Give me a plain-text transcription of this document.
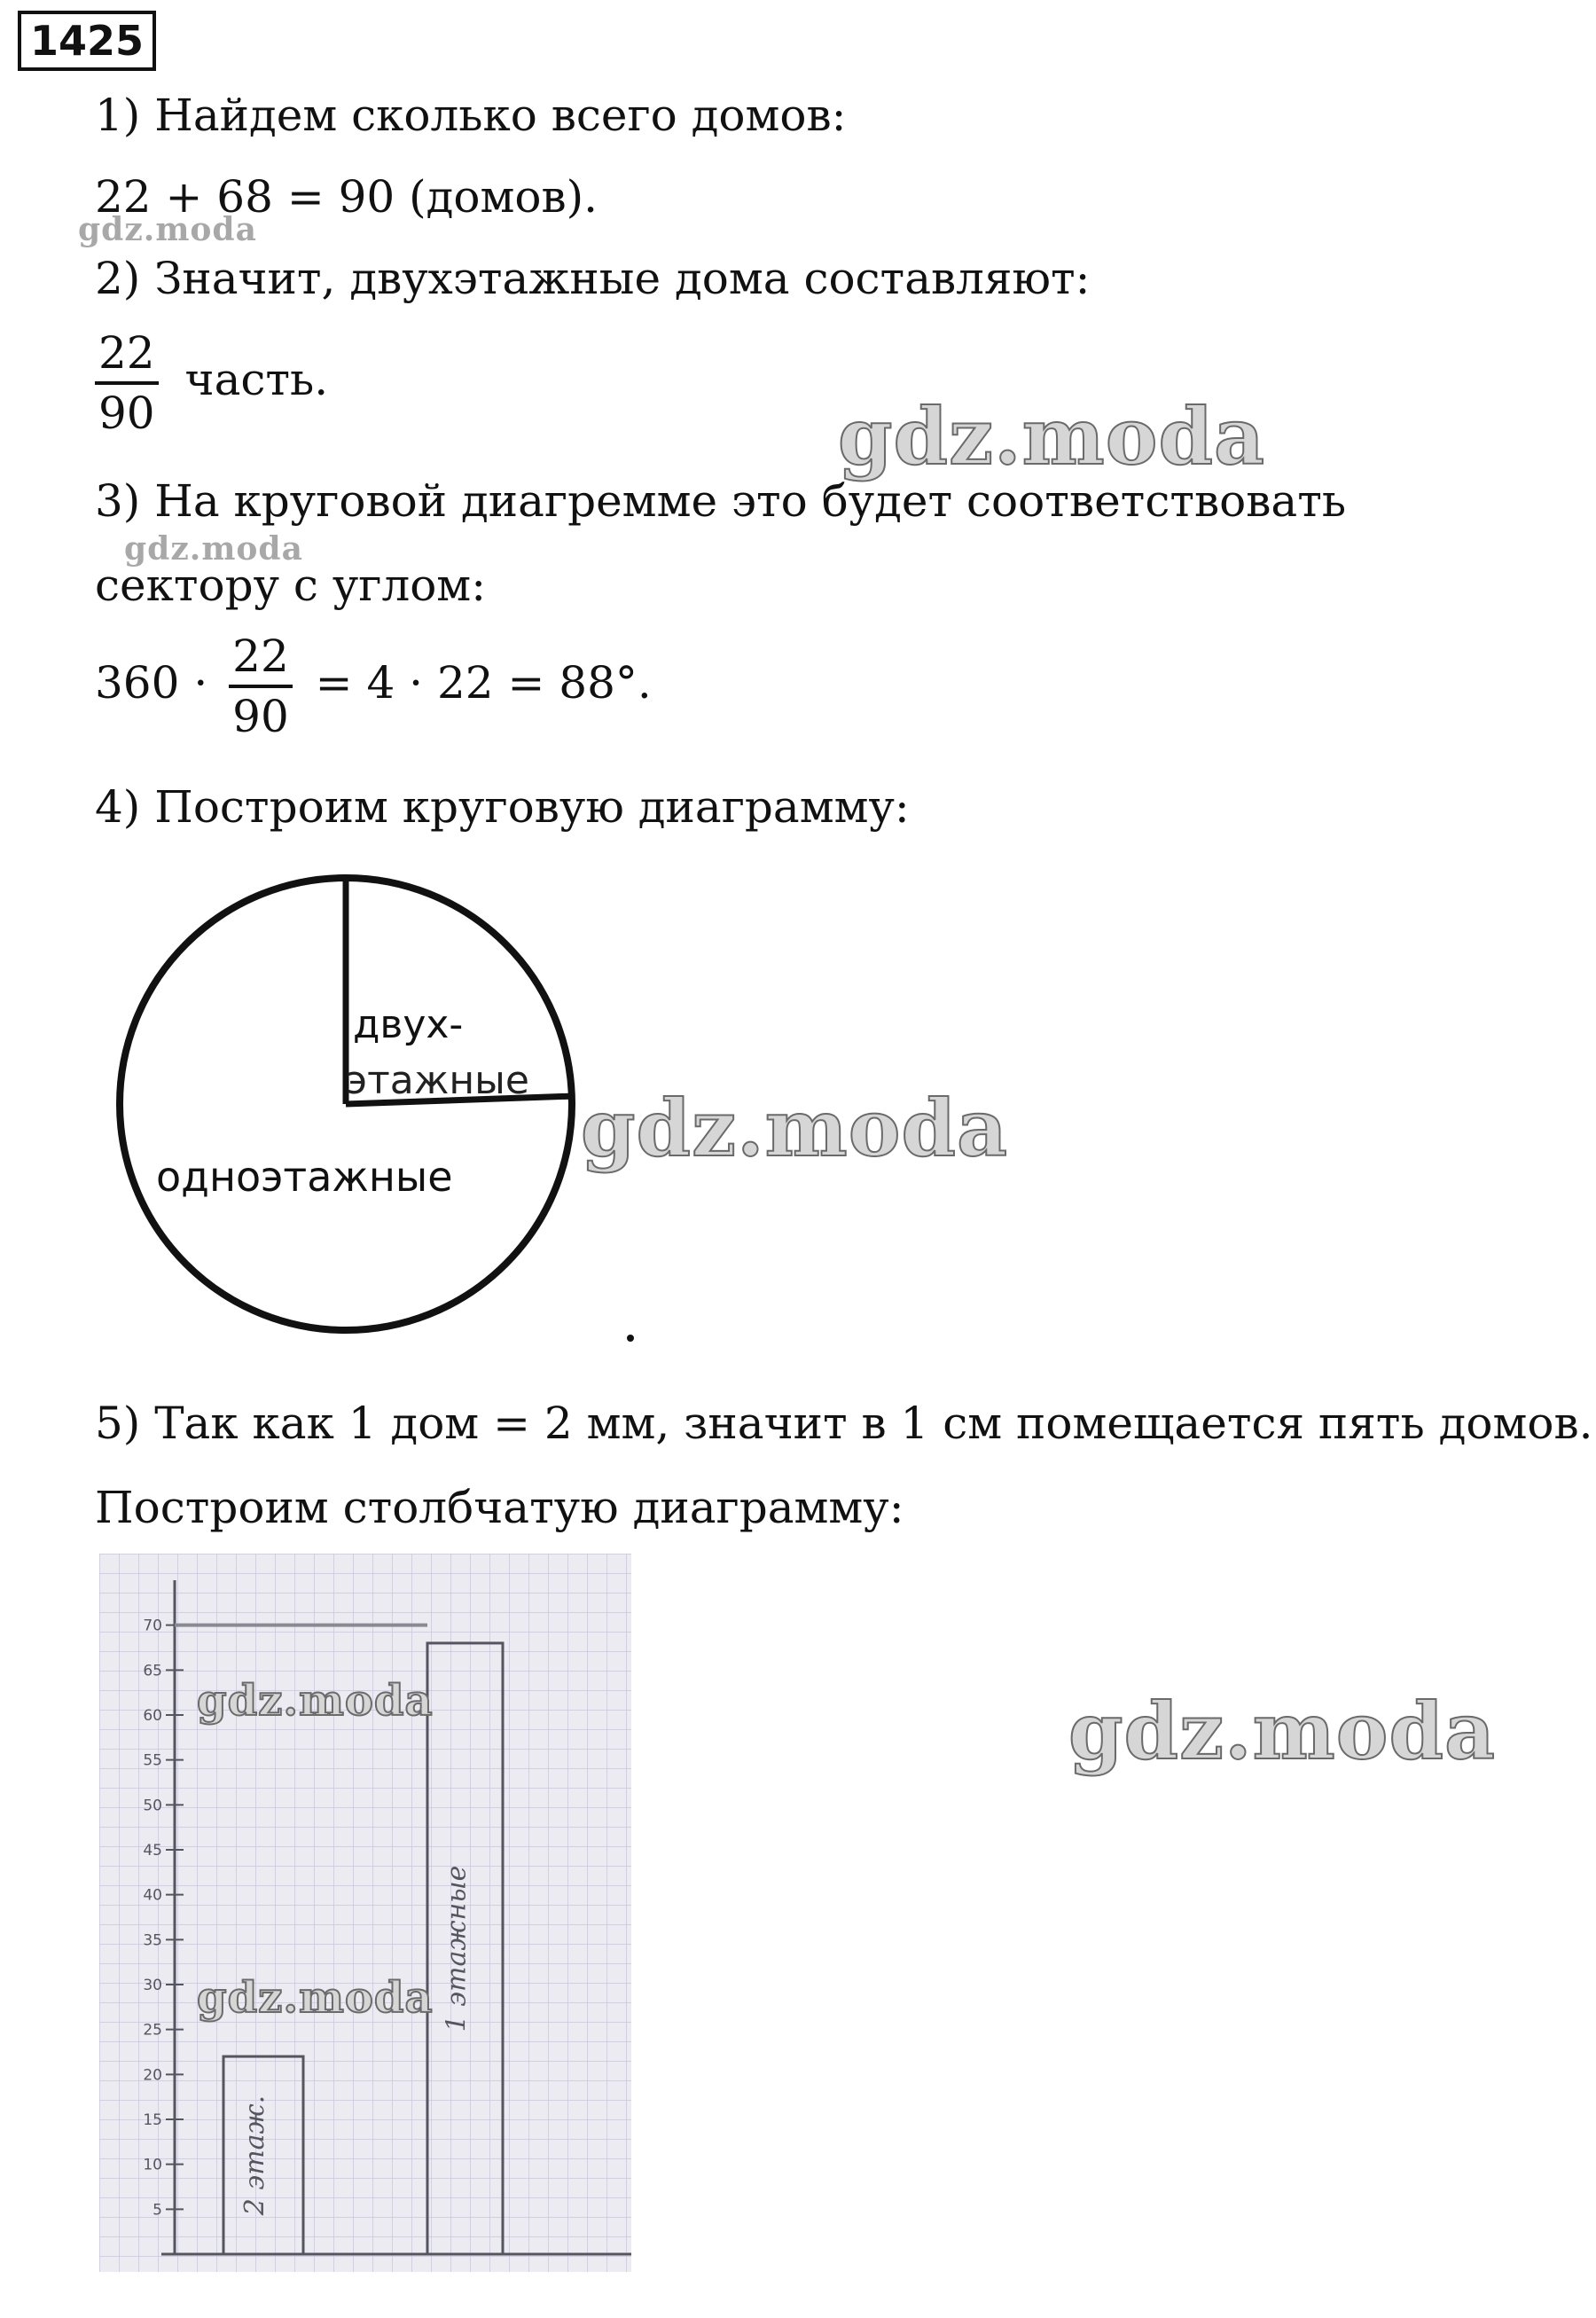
1425
1) Найдем сколько всего домов:
22 + 68 = 90 (домов).
2) Значит, двухэтажные дома составляют:
$\frac{22}{90}$ часть.
3) На круговой диагремме это будет соответствовать
сектору с углом:
$360 \cdot \frac{22}{90} = 4 \cdot 22 = 88^\circ$.
4) Построим круговую диаграмму:
двух-
этажные
одноэтажные
5) Так как 1 дом = 2 мм, значит в 1 см помещается пять домов.
Построим столбчатую диаграмму:
5
10
15
20
25
30
35
40
45
50
55
60
65
70
2 этаж.
1 этажные
gdz.moda
gdz.moda
gdz.moda
gdz.moda
gdz.moda
gdz.moda
gdz.moda
